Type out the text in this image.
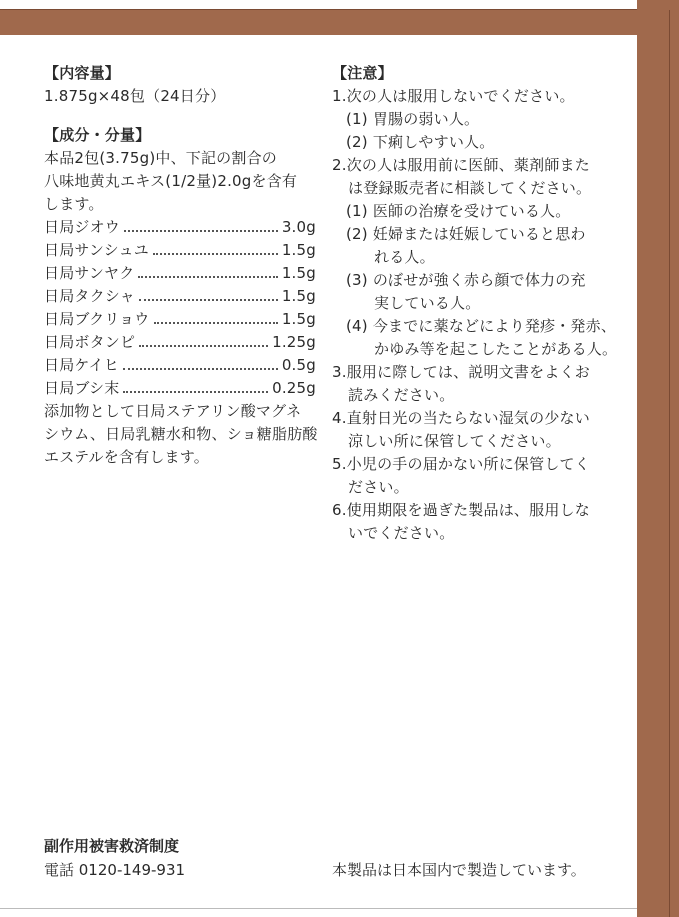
【内容量】
1.875g×48包（24日分）
【成分・分量】
本品2包(3.75g)中、下記の割合の
八味地黄丸エキス(1/2量)2.0gを含有
します。
日局ジオウ	3.0g
日局サンシュユ	1.5g
日局サンヤク	1.5g
日局タクシャ	1.5g
日局ブクリョウ	1.5g
日局ボタンピ	1.25g
日局ケイヒ	0.5g
日局ブシ末	0.25g
添加物として日局ステアリン酸マグネ
シウム、日局乳糖水和物、ショ糖脂肪酸
エステルを含有します。
【注意】
1.次の人は服用しないでください。
(1) 胃腸の弱い人。
(2) 下痢しやすい人。
2.次の人は服用前に医師、薬剤師また
は登録販売者に相談してください。
(1) 医師の治療を受けている人。
(2) 妊婦または妊娠していると思わ
れる人。
(3) のぼせが強く赤ら顔で体力の充
実している人。
(4) 今までに薬などにより発疹・発赤、
かゆみ等を起こしたことがある人。
3.服用に際しては、説明文書をよくお
読みください。
4.直射日光の当たらない湿気の少ない
涼しい所に保管してください。
5.小児の手の届かない所に保管してく
ださい。
6.使用期限を過ぎた製品は、服用しな
いでください。
副作用被害救済制度
電話 0120-149-931	本製品は日本国内で製造しています。
